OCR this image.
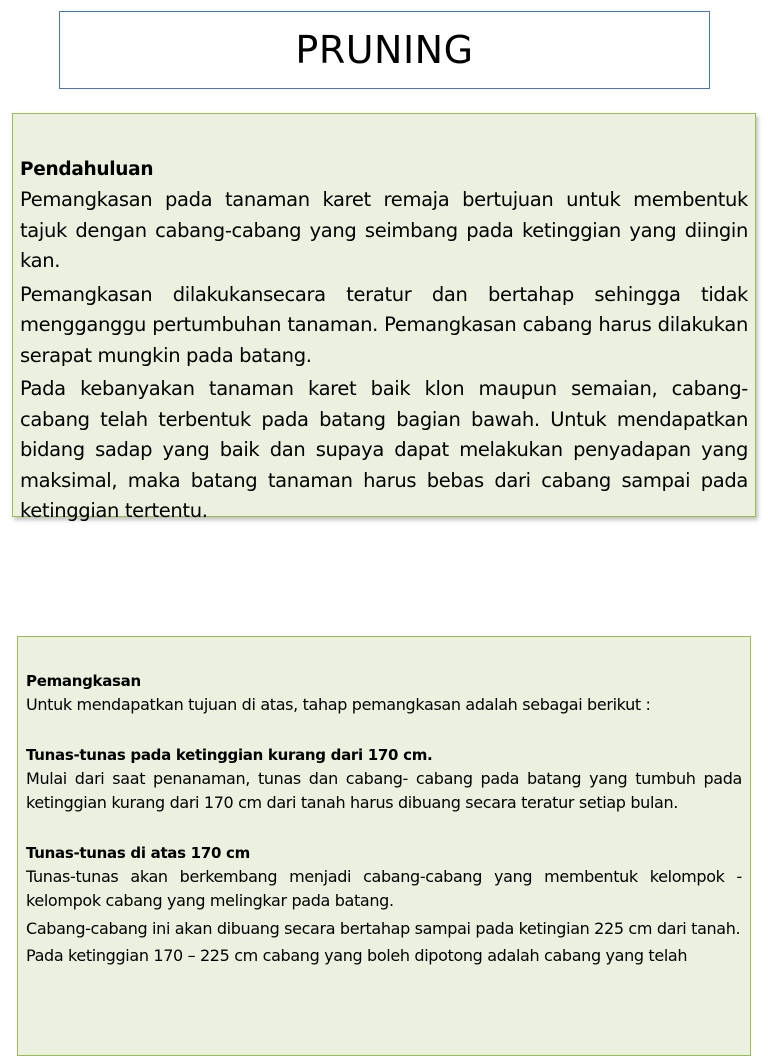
PRUNING

Pendahuluan

Pemangkasan pada tanaman karet remaja bertujuan untuk membentuk tajuk dengan cabang-cabang yang seimbang pada ketinggian yang diingin kan.

Pemangkasan dilakukansecara teratur dan bertahap sehingga tidak mengganggu pertumbuhan tanaman. Pemangkasan cabang harus dilakukan serapat mungkin pada batang.

Pada kebanyakan tanaman karet baik klon maupun semaian, cabang-cabang telah terbentuk pada batang bagian bawah. Untuk mendapatkan bidang sadap yang baik dan supaya dapat melakukan penyadapan yang maksimal, maka batang tanaman harus bebas dari cabang sampai pada ketinggian tertentu.

Pemangkasan

Untuk mendapatkan tujuan di atas, tahap pemangkasan adalah sebagai berikut :

Tunas-tunas pada ketinggian kurang dari 170 cm.

Mulai dari saat penanaman, tunas dan cabang- cabang pada batang yang tumbuh pada ketinggian kurang dari 170 cm dari tanah harus dibuang secara teratur setiap bulan.

Tunas-tunas di atas 170 cm

Tunas-tunas akan berkembang menjadi cabang-cabang yang membentuk kelompok - kelompok cabang yang melingkar pada batang.

Cabang-cabang ini akan dibuang secara bertahap sampai pada ketingian 225 cm dari tanah.

Pada ketinggian 170 – 225 cm cabang yang boleh dipotong adalah cabang yang telah
